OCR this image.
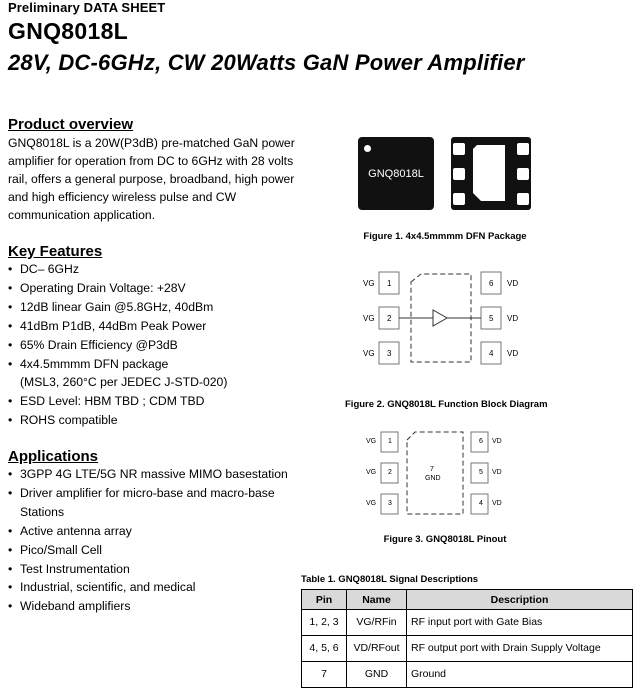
Preliminary DATA SHEET
GNQ8018L
28V, DC-6GHz, CW 20Watts GaN Power Amplifier
Product overview
GNQ8018L is a 20W(P3dB) pre-matched GaN power amplifier for operation from DC to 6GHz with 28 volts rail, offers a general purpose, broadband, high power and high efficiency wireless pulse and CW communication application.
Key Features
• DC– 6GHz
• Operating Drain Voltage: +28V
• 12dB linear Gain @5.8GHz, 40dBm
• 41dBm P1dB, 44dBm Peak Power
• 65% Drain Efficiency @P3dB
• 4x4.5mmmm DFN package
(MSL3, 260°C per JEDEC J-STD-020)
• ESD Level: HBM TBD ; CDM TBD
• ROHS compatible
Applications
• 3GPP 4G LTE/5G NR massive MIMO basestation
• Driver amplifier for micro-base and macro-base
Stations
• Active antenna array
• Pico/Small Cell
• Test Instrumentation
• Industrial, scientific, and medical
• Wideband amplifiers
GNQ8018L
Figure 1. 4x4.5mmmm DFN Package
VG
VG
VG
1
2
3
6
5
4
VD
VD
VD
Figure 2. GNQ8018L Function Block Diagram
VG
VG
VG
1
2
3
6
5
4
VD
VD
VD
7
GND
Figure 3. GNQ8018L Pinout
Table 1. GNQ8018L Signal Descriptions
Pin	Name	Description
1, 2, 3	VG/RFin	RF input port with Gate Bias
4, 5, 6	VD/RFout	RF output port with Drain Supply Voltage
7	GND	Ground
